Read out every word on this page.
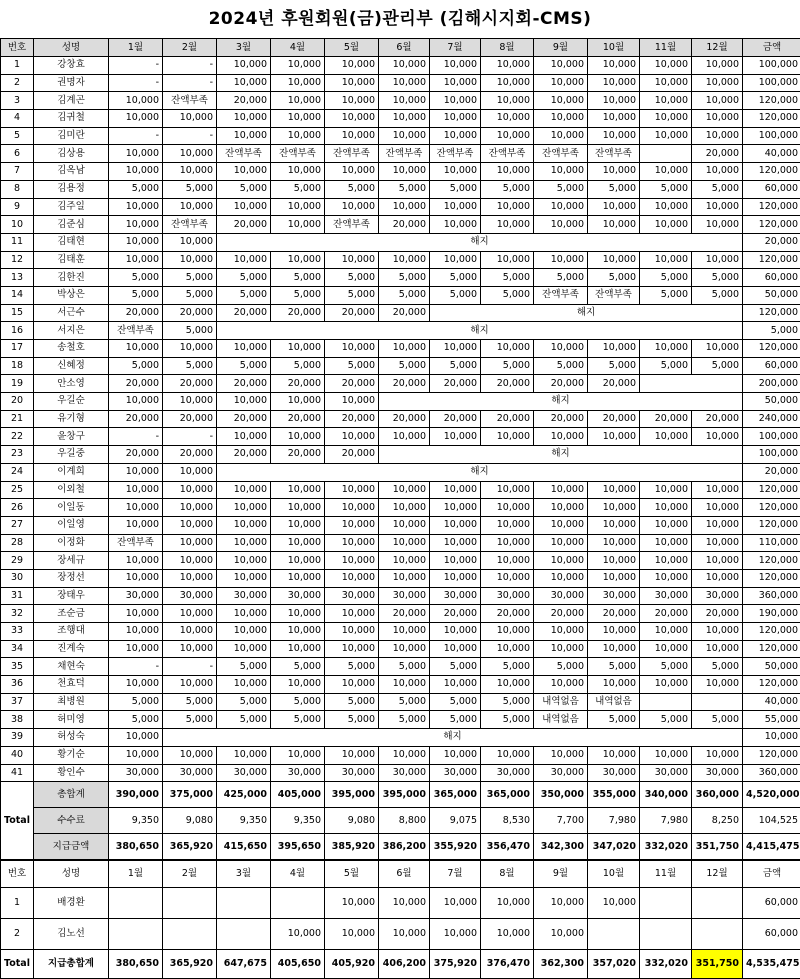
2024년 후원회원(금)관리부 (김해시지회-CMS)
번호	성명	1월	2월	3월	4월	5월	6월	7월	8월	9월	10월	11월	12월	금액
1	강창효	-	-	10,000	10,000	10,000	10,000	10,000	10,000	10,000	10,000	10,000	10,000	100,000
2	권명자	-	-	10,000	10,000	10,000	10,000	10,000	10,000	10,000	10,000	10,000	10,000	100,000
3	김계곤	10,000	잔액부족	20,000	10,000	10,000	10,000	10,000	10,000	10,000	10,000	10,000	10,000	120,000
4	김귀철	10,000	10,000	10,000	10,000	10,000	10,000	10,000	10,000	10,000	10,000	10,000	10,000	120,000
5	김미란	-	-	10,000	10,000	10,000	10,000	10,000	10,000	10,000	10,000	10,000	10,000	100,000
6	김상용	10,000	10,000	잔액부족	잔액부족	잔액부족	잔액부족	잔액부족	잔액부족	잔액부족	잔액부족		20,000	40,000
7	김옥남	10,000	10,000	10,000	10,000	10,000	10,000	10,000	10,000	10,000	10,000	10,000	10,000	120,000
8	김용정	5,000	5,000	5,000	5,000	5,000	5,000	5,000	5,000	5,000	5,000	5,000	5,000	60,000
9	김주일	10,000	10,000	10,000	10,000	10,000	10,000	10,000	10,000	10,000	10,000	10,000	10,000	120,000
10	김준심	10,000	잔액부족	20,000	10,000	잔액부족	20,000	10,000	10,000	10,000	10,000	10,000	10,000	120,000
11	김태현	10,000	10,000	해지										20,000
12	김태훈	10,000	10,000	10,000	10,000	10,000	10,000	10,000	10,000	10,000	10,000	10,000	10,000	120,000
13	김한진	5,000	5,000	5,000	5,000	5,000	5,000	5,000	5,000	5,000	5,000	5,000	5,000	60,000
14	박상은	5,000	5,000	5,000	5,000	5,000	5,000	5,000	5,000	잔액부족	잔액부족	5,000	5,000	50,000
15	서근수	20,000	20,000	20,000	20,000	20,000	20,000	해지						120,000
16	서지은	잔액부족	5,000	해지										5,000
17	송철호	10,000	10,000	10,000	10,000	10,000	10,000	10,000	10,000	10,000	10,000	10,000	10,000	120,000
18	신혜정	5,000	5,000	5,000	5,000	5,000	5,000	5,000	5,000	5,000	5,000	5,000	5,000	60,000
19	안소영	20,000	20,000	20,000	20,000	20,000	20,000	20,000	20,000	20,000	20,000			200,000
20	우길순	10,000	10,000	10,000	10,000	10,000	해지							50,000
21	유기형	20,000	20,000	20,000	20,000	20,000	20,000	20,000	20,000	20,000	20,000	20,000	20,000	240,000
22	윤창구	-	-	10,000	10,000	10,000	10,000	10,000	10,000	10,000	10,000	10,000	10,000	100,000
23	우길중	20,000	20,000	20,000	20,000	20,000	해지							100,000
24	이계희	10,000	10,000	해지										20,000
25	이외철	10,000	10,000	10,000	10,000	10,000	10,000	10,000	10,000	10,000	10,000	10,000	10,000	120,000
26	이일동	10,000	10,000	10,000	10,000	10,000	10,000	10,000	10,000	10,000	10,000	10,000	10,000	120,000
27	이일영	10,000	10,000	10,000	10,000	10,000	10,000	10,000	10,000	10,000	10,000	10,000	10,000	120,000
28	이정화	잔액부족	10,000	10,000	10,000	10,000	10,000	10,000	10,000	10,000	10,000	10,000	10,000	110,000
29	장세규	10,000	10,000	10,000	10,000	10,000	10,000	10,000	10,000	10,000	10,000	10,000	10,000	120,000
30	장정선	10,000	10,000	10,000	10,000	10,000	10,000	10,000	10,000	10,000	10,000	10,000	10,000	120,000
31	장태우	30,000	30,000	30,000	30,000	30,000	30,000	30,000	30,000	30,000	30,000	30,000	30,000	360,000
32	조순금	10,000	10,000	10,000	10,000	10,000	20,000	20,000	20,000	20,000	20,000	20,000	20,000	190,000
33	조행대	10,000	10,000	10,000	10,000	10,000	10,000	10,000	10,000	10,000	10,000	10,000	10,000	120,000
34	진계숙	10,000	10,000	10,000	10,000	10,000	10,000	10,000	10,000	10,000	10,000	10,000	10,000	120,000
35	채현숙	-	-	5,000	5,000	5,000	5,000	5,000	5,000	5,000	5,000	5,000	5,000	50,000
36	천효덕	10,000	10,000	10,000	10,000	10,000	10,000	10,000	10,000	10,000	10,000	10,000	10,000	120,000
37	최병원	5,000	5,000	5,000	5,000	5,000	5,000	5,000	5,000	내역없음	내역없음			40,000
38	허미영	5,000	5,000	5,000	5,000	5,000	5,000	5,000	5,000	내역없음	5,000	5,000	5,000	55,000
39	허성숙	10,000	해지											10,000
40	황기순	10,000	10,000	10,000	10,000	10,000	10,000	10,000	10,000	10,000	10,000	10,000	10,000	120,000
41	황인수	30,000	30,000	30,000	30,000	30,000	30,000	30,000	30,000	30,000	30,000	30,000	30,000	360,000
Total	총합계	390,000	375,000	425,000	405,000	395,000	395,000	365,000	365,000	350,000	355,000	340,000	360,000	4,520,000
	수수료	9,350	9,080	9,350	9,350	9,080	8,800	9,075	8,530	7,700	7,980	7,980	8,250	104,525
	지급금액	380,650	365,920	415,650	395,650	385,920	386,200	355,920	356,470	342,300	347,020	332,020	351,750	4,415,475
번호	성명	1월	2월	3월	4월	5월	6월	7월	8월	9월	10월	11월	12월	금액
1	배경환					10,000	10,000	10,000	10,000	10,000	10,000			60,000
2	김노선				10,000	10,000	10,000	10,000	10,000	10,000				60,000
Total	지급총합계	380,650	365,920	647,675	405,650	405,920	406,200	375,920	376,470	362,300	357,020	332,020	351,750	4,535,475
